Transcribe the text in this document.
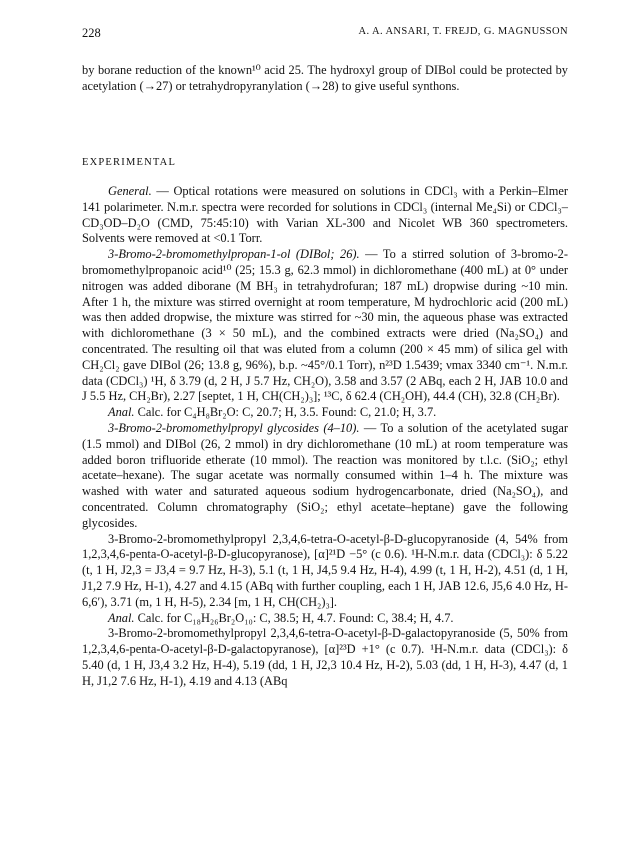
228	A. A. ANSARI, T. FREJD, G. MAGNUSSON

by borane reduction of the known¹⁰ acid 25. The hydroxyl group of DIBol could be protected by acetylation (→27) or tetrahydropyranylation (→28) to give useful synthons.

EXPERIMENTAL

General. — Optical rotations were measured on solutions in CDCl₃ with a Perkin–Elmer 141 polarimeter. N.m.r. spectra were recorded for solutions in CDCl₃ (internal Me₄Si) or CDCl₃–CD₃OD–D₂O (CMD, 75:45:10) with Varian XL-300 and Nicolet WB 360 spectrometers. Solvents were removed at <0.1 Torr.

3-Bromo-2-bromomethylpropan-1-ol (DIBol; 26). — To a stirred solution of 3-bromo-2-bromomethylpropanoic acid¹⁰ (25; 15.3 g, 62.3 mmol) in dichloromethane (400 mL) at 0° under nitrogen was added diborane (M BH₃ in tetrahydrofuran; 187 mL) dropwise during ~10 min. After 1 h, the mixture was stirred overnight at room temperature, M hydrochloric acid (200 mL) was then added dropwise, the mixture was stirred for ~30 min, the aqueous phase was extracted with dichloromethane (3 × 50 mL), and the combined extracts were dried (Na₂SO₄) and concentrated. The resulting oil that was eluted from a column (200 × 45 mm) of silica gel with CH₂Cl₂ gave DIBol (26; 13.8 g, 96%), b.p. ~45°/0.1 Torr), n²³D 1.5439; νmax 3340 cm⁻¹. N.m.r. data (CDCl₃) ¹H, δ 3.79 (d, 2 H, J 5.7 Hz, CH₂O), 3.58 and 3.57 (2 ABq, each 2 H, JAB 10.0 and J 5.5 Hz, CH₂Br), 2.27 [septet, 1 H, CH(CH₂)₃]; ¹³C, δ 62.4 (CH₂OH), 44.4 (CH), 32.8 (CH₂Br).

Anal. Calc. for C₄H₈Br₂O: C, 20.7; H, 3.5. Found: C, 21.0; H, 3.7.

3-Bromo-2-bromomethylpropyl glycosides (4–10). — To a solution of the acetylated sugar (1.5 mmol) and DIBol (26, 2 mmol) in dry dichloromethane (10 mL) at room temperature was added boron trifluoride etherate (10 mmol). The reaction was monitored by t.l.c. (SiO₂; ethyl acetate–hexane). The sugar acetate was normally consumed within 1–4 h. The mixture was washed with water and saturated aqueous sodium hydrogencarbonate, dried (Na₂SO₄), and concentrated. Column chromatography (SiO₂; ethyl acetate–heptane) gave the following glycosides.

3-Bromo-2-bromomethylpropyl 2,3,4,6-tetra-O-acetyl-β-D-glucopyranoside (4, 54% from 1,2,3,4,6-penta-O-acetyl-β-D-glucopyranose), [α]²¹D −5° (c 0.6). ¹H-N.m.r. data (CDCl₃): δ 5.22 (t, 1 H, J2,3 = J3,4 = 9.7 Hz, H-3), 5.1 (t, 1 H, J4,5 9.4 Hz, H-4), 4.99 (t, 1 H, H-2), 4.51 (d, 1 H, J1,2 7.9 Hz, H-1), 4.27 and 4.15 (ABq with further coupling, each 1 H, JAB 12.6, J5,6 4.0 Hz, H-6,6′), 3.71 (m, 1 H, H-5), 2.34 [m, 1 H, CH(CH₂)₃].

Anal. Calc. for C₁₈H₂₆Br₂O₁₀: C, 38.5; H, 4.7. Found: C, 38.4; H, 4.7.

3-Bromo-2-bromomethylpropyl 2,3,4,6-tetra-O-acetyl-β-D-galactopyranoside (5, 50% from 1,2,3,4,6-penta-O-acetyl-β-D-galactopyranose), [α]²³D +1° (c 0.7). ¹H-N.m.r. data (CDCl₃): δ 5.40 (d, 1 H, J3,4 3.2 Hz, H-4), 5.19 (dd, 1 H, J2,3 10.4 Hz, H-2), 5.03 (dd, 1 H, H-3), 4.47 (d, 1 H, J1,2 7.6 Hz, H-1), 4.19 and 4.13 (ABq
